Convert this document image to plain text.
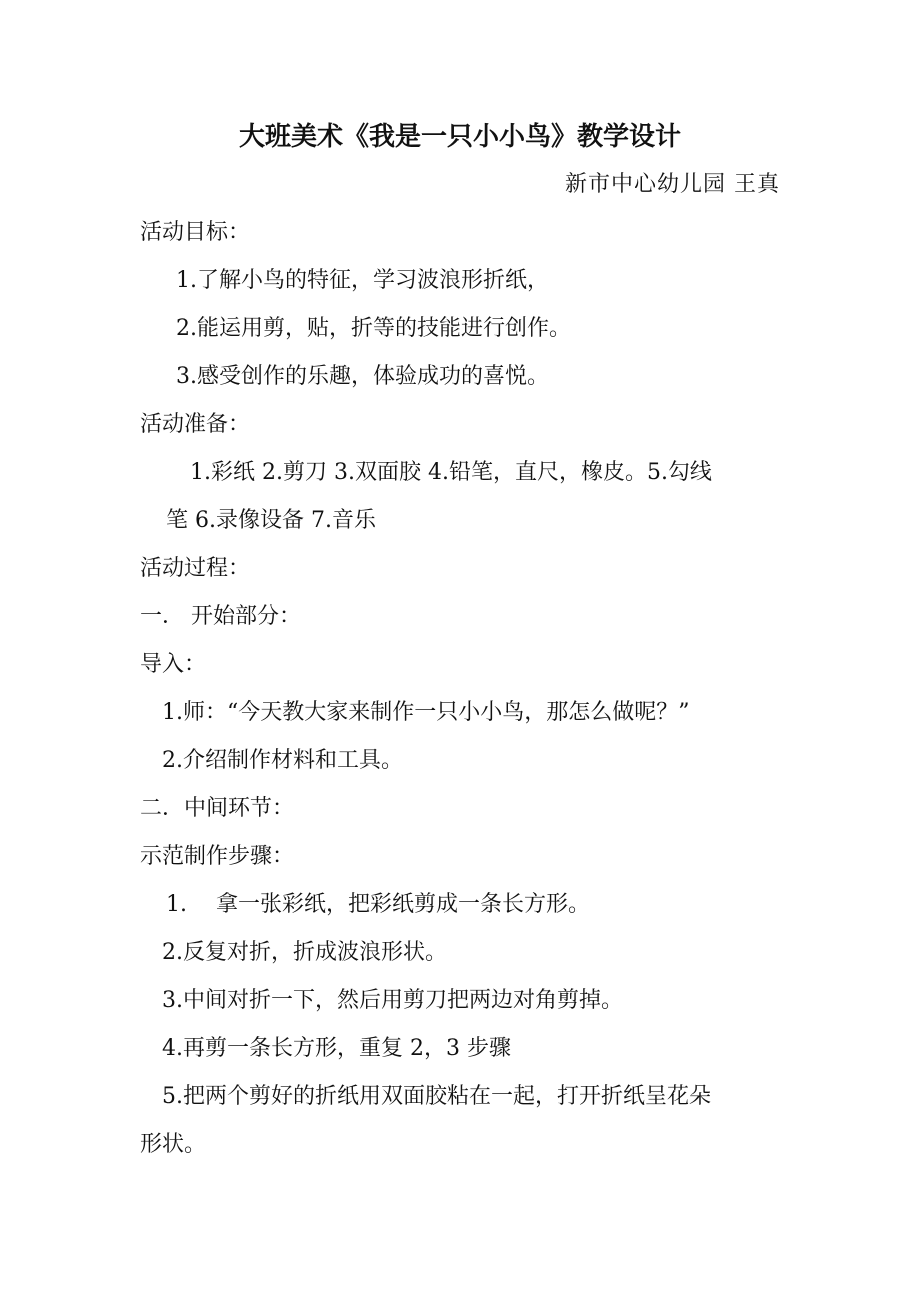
大班美术《我是一只小小鸟》教学设计
新市中心幼儿园 王真
活动目标：
1.了解小鸟的特征，学习波浪形折纸，
2.能运用剪，贴，折等的技能进行创作。
3.感受创作的乐趣，体验成功的喜悦。
活动准备：
1.彩纸 2.剪刀 3.双面胶 4.铅笔，直尺，橡皮。5.勾线
笔 6.录像设备 7.音乐
活动过程：
一． 开始部分：
导入：
1.师：“今天教大家来制作一只小小鸟，那怎么做呢？”
2.介绍制作材料和工具。
二．中间环节：
示范制作步骤：
1.　 拿一张彩纸，把彩纸剪成一条长方形。
2.反复对折，折成波浪形状。
3.中间对折一下，然后用剪刀把两边对角剪掉。
4.再剪一条长方形，重复 2，3 步骤
5.把两个剪好的折纸用双面胶粘在一起，打开折纸呈花朵
形状。
